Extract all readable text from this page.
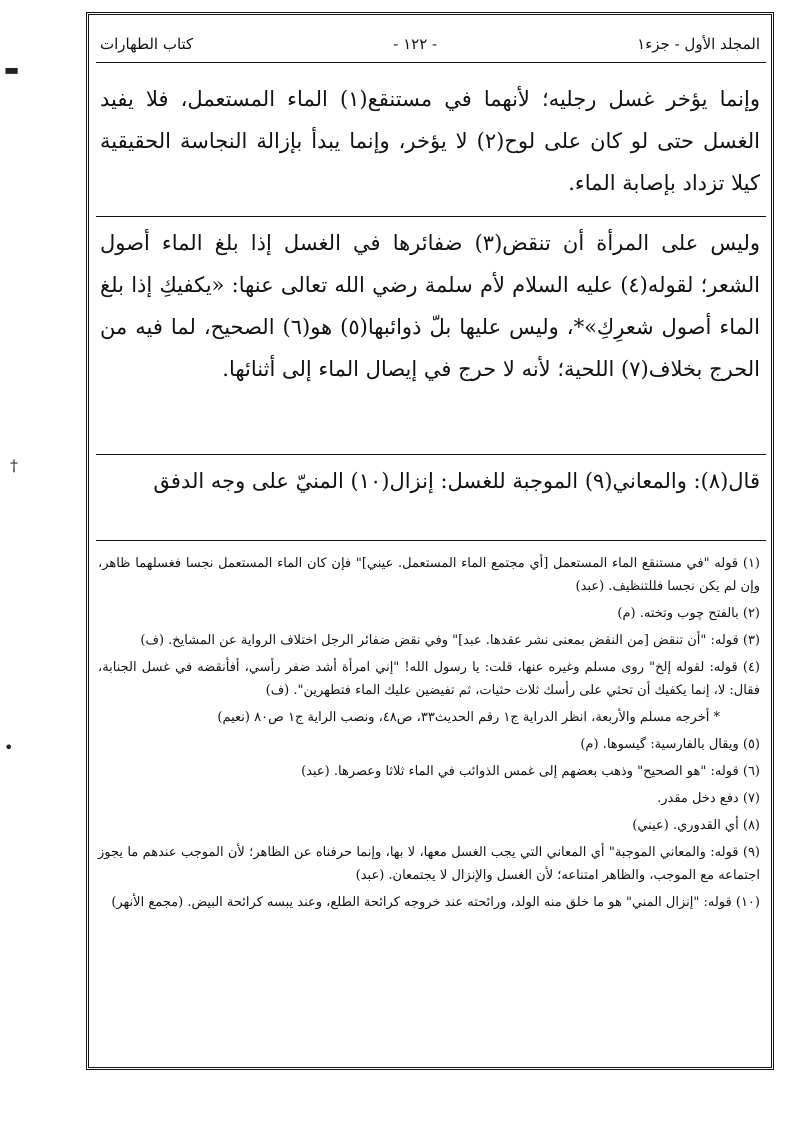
المجلد الأول - جزء١
- ١٢٢ -
كتاب الطهارات

وإنما يؤخر غسل رجليه؛ لأنهما في مستنقع(١) الماء المستعمل، فلا يفيد الغسل حتى لو كان على لوح(٢) لا يؤخر، وإنما يبدأ بإزالة النجاسة الحقيقية كيلا تزداد بإصابة الماء.

وليس على المرأة أن تنقض(٣) ضفائرها في الغسل إذا بلغ الماء أصول الشعر؛ لقوله(٤) عليه السلام لأم سلمة رضي الله تعالى عنها: «يكفيكِ إذا بلغ الماء أصول شعرِكِ»*، وليس عليها بلّ ذوائبها(٥) هو(٦) الصحيح، لما فيه من الحرج بخلاف(٧) اللحية؛ لأنه لا حرج في إيصال الماء إلى أثنائها.

قال(٨): والمعاني(٩) الموجبة للغسل: إنزال(١٠) المنيّ على وجه الدفق

(١) قوله "في مستنقع الماء المستعمل [أي مجتمع الماء المستعمل. عيني]" فإن كان الماء المستعمل نجسا فغسلهما ظاهر، وإن لم يكن نجسا فللتنظيف. (عبد)

(٢) بالفتح چوب وتخته. (م)

(٣) قوله: "أن تنقض [من النقض بمعنى نشر عقدها. عبد]" وفي نقض ضفائر الرجل اختلاف الرواية عن المشايخ. (ف)

(٤) قوله: لقوله إلخ" روى مسلم وغيره عنها، قلت: يا رسول الله! "إني امرأة أشد ضفر رأسي، أفأنقضه في غسل الجنابة، فقال: لا، إنما يكفيك أن تحثي على رأسك ثلاث حثيات، ثم تفيضين عليك الماء فتطهرين". (ف)

* أخرجه مسلم والأربعة، انظر الدراية ج١ رقم الحديث٣٣، ص٤٨، ونصب الراية ج١ ص٨٠ (نعيم)

(٥) ويقال بالفارسية: گيسوها. (م)

(٦) قوله: "هو الصحيح" وذهب بعضهم إلى غمس الذوائب في الماء ثلاثا وعصرها. (عبد)

(٧) دفع دخل مقدر.

(٨) أي القدوري. (عيني)

(٩) قوله: والمعاني الموجبة" أي المعاني التي يجب الغسل معها، لا بها، وإنما حرفناه عن الظاهر؛ لأن الموجب عندهم ما يجوز اجتماعه مع الموجب، والظاهر امتناعه؛ لأن الغسل والإنزال لا يجتمعان. (عبد)

(١٠) قوله: "إنزال المني" هو ما خلق منه الولد، ورائحته عند خروجه كرائحة الطلع، وعند يبسه كرائحة البيض. (مجمع الأنهر)

▬
†
•
